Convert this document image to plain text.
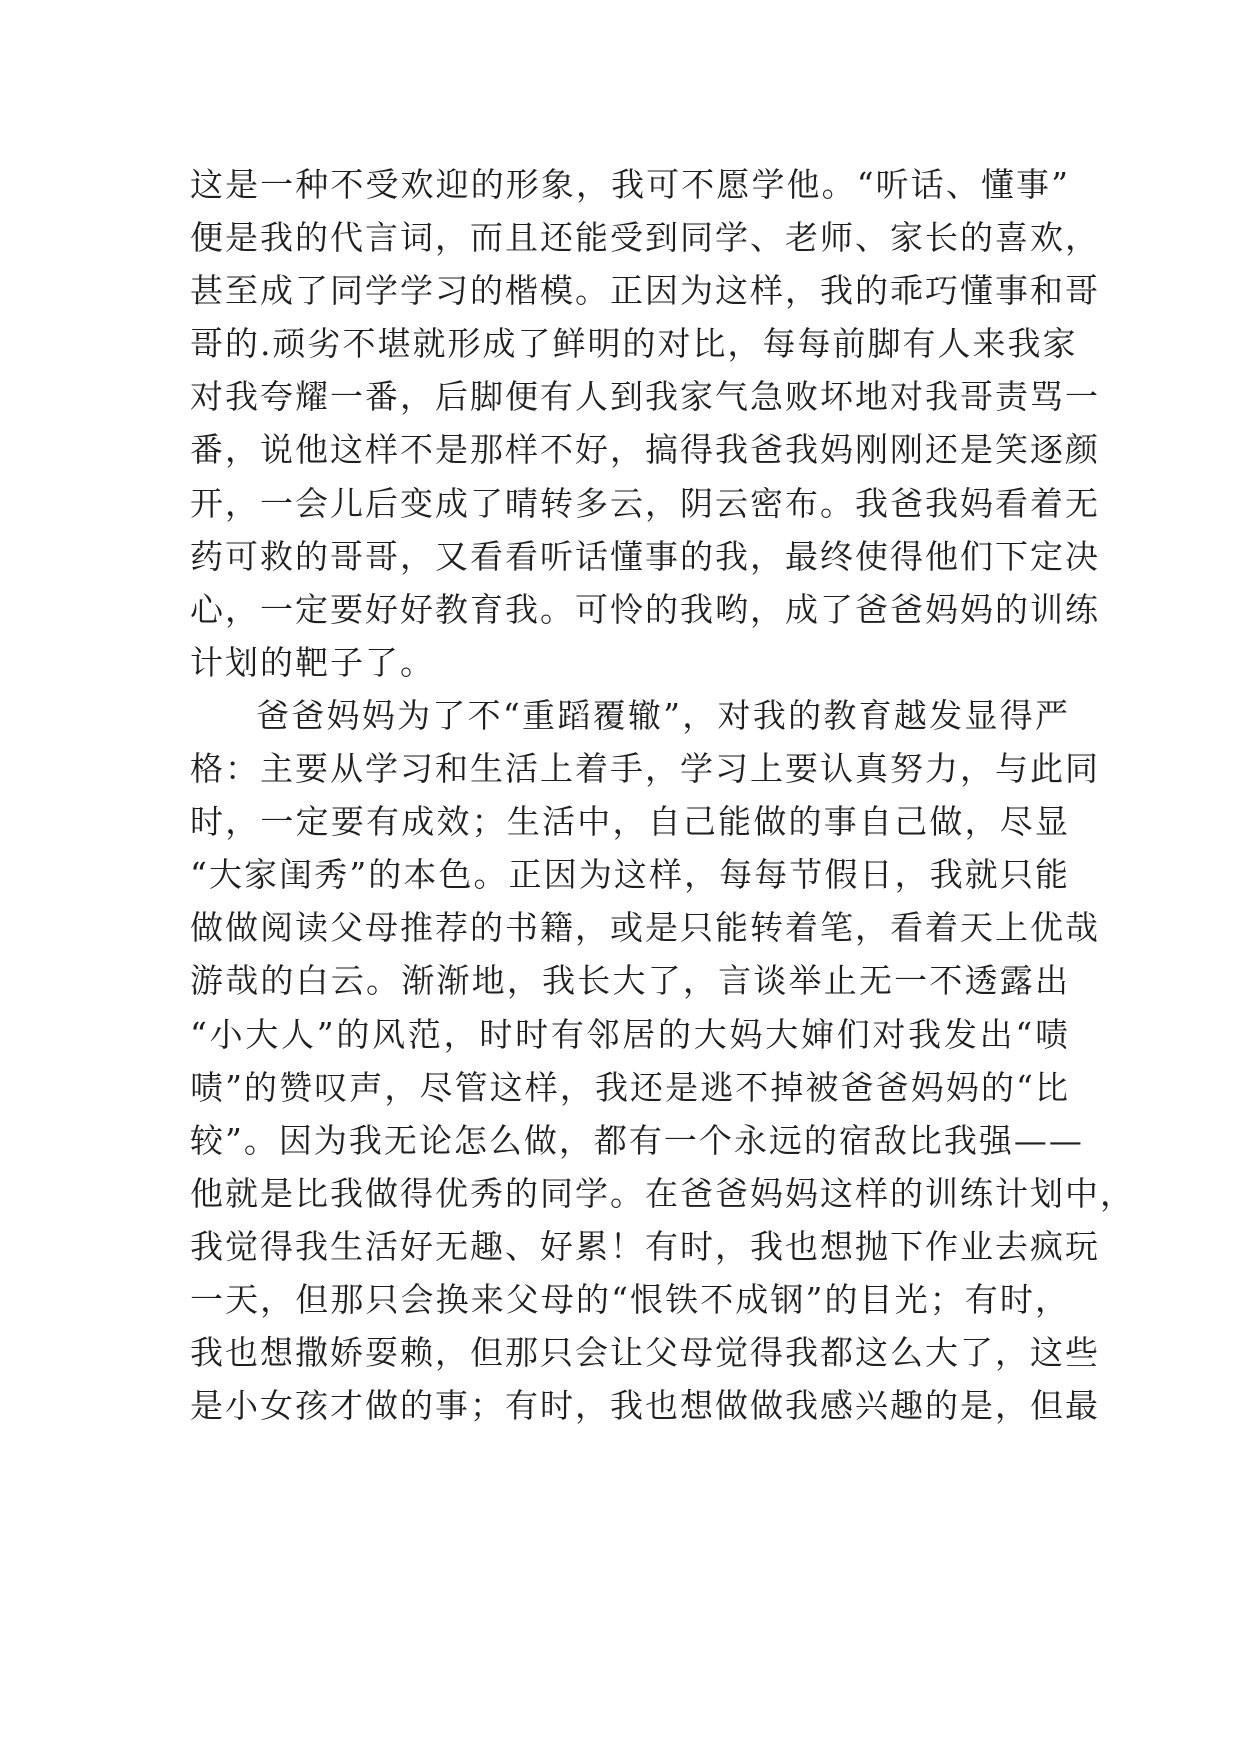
这是一种不受欢迎的形象，我可不愿学他。“听话、懂事”
便是我的代言词，而且还能受到同学、老师、家长的喜欢，
甚至成了同学学习的楷模。正因为这样，我的乖巧懂事和哥
哥的.顽劣不堪就形成了鲜明的对比，每每前脚有人来我家
对我夸耀一番，后脚便有人到我家气急败坏地对我哥责骂一
番，说他这样不是那样不好，搞得我爸我妈刚刚还是笑逐颜
开，一会儿后变成了晴转多云，阴云密布。我爸我妈看着无
药可救的哥哥，又看看听话懂事的我，最终使得他们下定决
心，一定要好好教育我。可怜的我哟，成了爸爸妈妈的训练
计划的靶子了。
爸爸妈妈为了不“重蹈覆辙”，对我的教育越发显得严
格：主要从学习和生活上着手，学习上要认真努力，与此同
时，一定要有成效；生活中，自己能做的事自己做，尽显
“大家闺秀”的本色。正因为这样，每每节假日，我就只能
做做阅读父母推荐的书籍，或是只能转着笔，看着天上优哉
游哉的白云。渐渐地，我长大了，言谈举止无一不透露出
“小大人”的风范，时时有邻居的大妈大婶们对我发出“啧
啧”的赞叹声，尽管这样，我还是逃不掉被爸爸妈妈的“比
较”。因为我无论怎么做，都有一个永远的宿敌比我强——
他就是比我做得优秀的同学。在爸爸妈妈这样的训练计划中，
我觉得我生活好无趣、好累！有时，我也想抛下作业去疯玩
一天，但那只会换来父母的“恨铁不成钢”的目光；有时，
我也想撒娇耍赖，但那只会让父母觉得我都这么大了，这些
是小女孩才做的事；有时，我也想做做我感兴趣的是，但最
